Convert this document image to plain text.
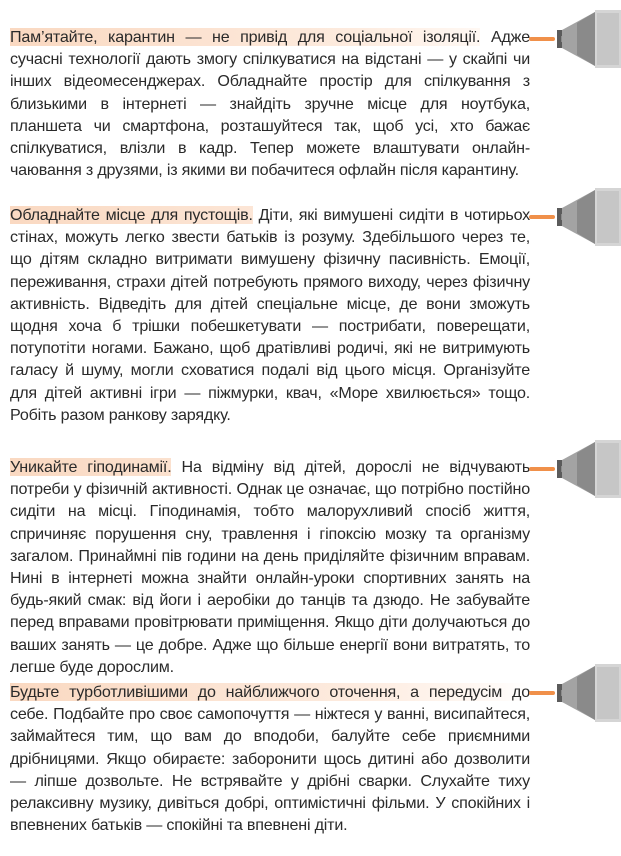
Пам’ятайте, карантин — не привід для соціальної ізоляції. Адже сучасні технології дають змогу спілкуватися на відстані — у скайпі чи інших відеомесенджерах. Обладнайте простір для спілкування з близькими в інтернеті — знайдіть зручне місце для ноутбука, планшета чи смартфона, розташуйтеся так, щоб усі, хто бажає спілкуватися, влізли в кадр. Тепер можете влаштувати онлайн-чаювання з друзями, із якими ви побачитеся офлайн після карантину.

Обладнайте місце для пустощів. Діти, які вимушені сидіти в чотирьох стінах, можуть легко звести батьків із розуму. Здебільшого через те, що дітям складно витримати вимушену фізичну пасивність. Емоції, переживання, страхи дітей потребують прямого виходу, через фізичну активність. Відведіть для дітей спеціальне місце, де вони зможуть щодня хоча б трішки побешкетувати — пострибати, поверещати, потупотіти ногами. Бажано, щоб дратівливі родичі, які не витримують галасу й шуму, могли сховатися подалі від цього місця. Організуйте для дітей активні ігри — піжмурки, квач, «Море хвилюється» тощо. Робіть разом ранкову зарядку.

Уникайте гіподинамії. На відміну від дітей, дорослі не відчувають потреби у фізичній активності. Однак це означає, що потрібно постійно сидіти на місці. Гіподинамія, тобто малорухливий спосіб життя, спричиняє порушення сну, травлення і гіпоксію мозку та організму загалом. Принаймні пів години на день приділяйте фізичним вправам. Нині в інтернеті можна знайти онлайн-уроки спортивних занять на будь-який смак: від йоги і аеробіки до танців та дзюдо. Не забувайте перед вправами провітрювати приміщення. Якщо діти долучаються до ваших занять — це добре. Адже що більше енергії вони витратять, то легше буде дорослим.

Будьте турботливішими до найближчого оточення, а передусім до себе. Подбайте про своє самопочуття — ніжтеся у ванні, висипайтеся, займайтеся тим, що вам до вподоби, балуйте себе приємними дрібницями. Якщо обираєте: заборонити щось дитині або дозволити — лiпше дозвольте. Не встрявайте у дрібні сварки. Слухайте тиху релаксивну музику, дивіться добрі, оптимістичні фільми. У спокійних і впевнених батьків — спокійні та впевнені діти.
